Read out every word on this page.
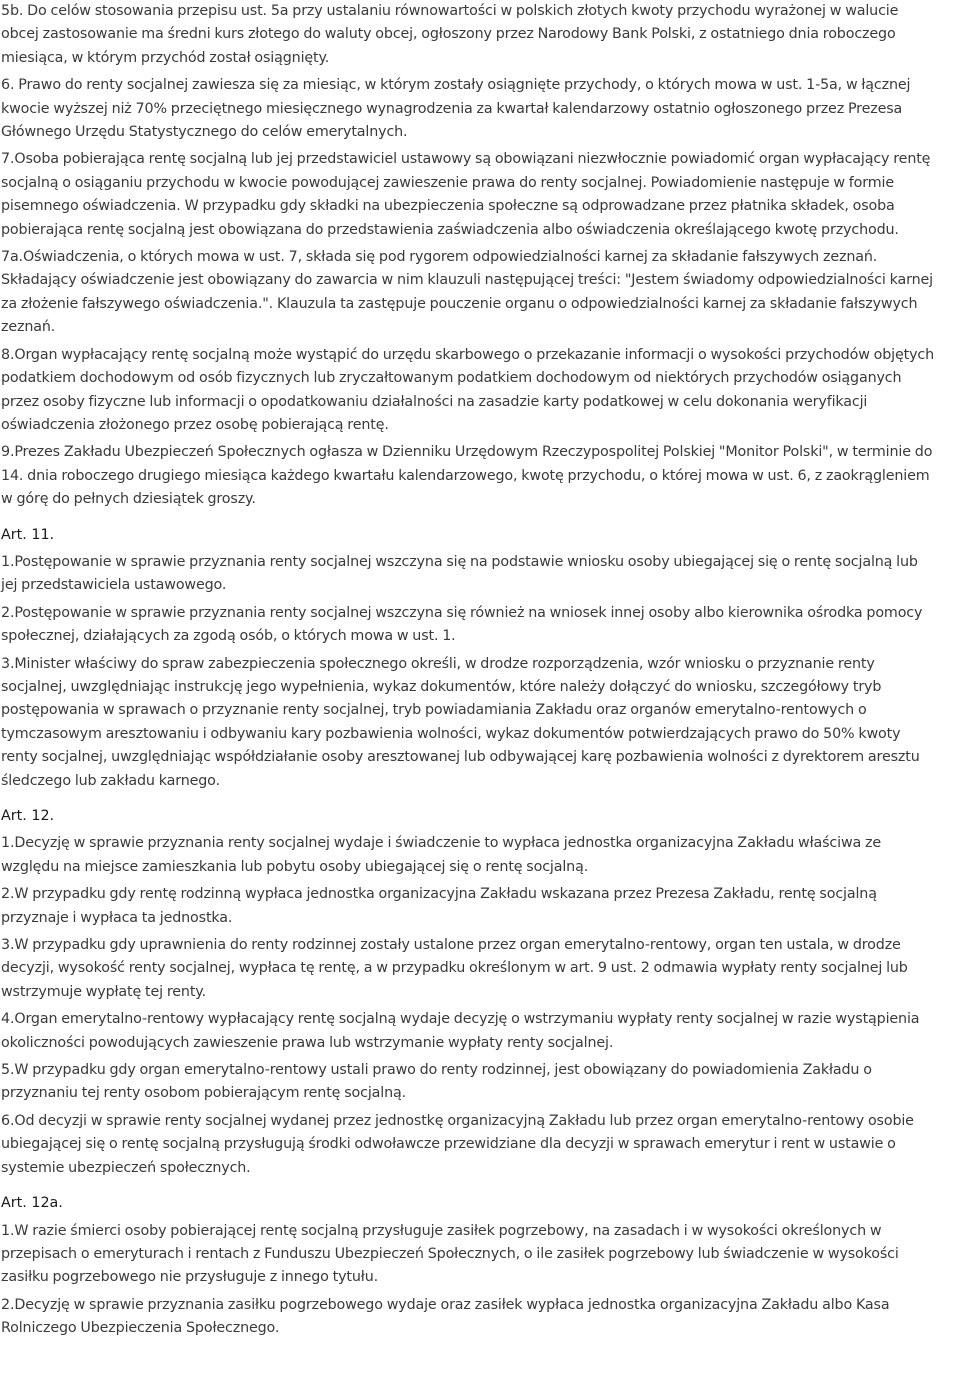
5b. Do celów stosowania przepisu ust. 5a przy ustalaniu równowartości w polskich złotych kwoty przychodu wyrażonej w walucie obcej zastosowanie ma średni kurs złotego do waluty obcej, ogłoszony przez Narodowy Bank Polski, z ostatniego dnia roboczego miesiąca, w którym przychód został osiągnięty.

6. Prawo do renty socjalnej zawiesza się za miesiąc, w którym zostały osiągnięte przychody, o których mowa w ust. 1-5a, w łącznej kwocie wyższej niż 70% przeciętnego miesięcznego wynagrodzenia za kwartał kalendarzowy ostatnio ogłoszonego przez Prezesa Głównego Urzędu Statystycznego do celów emerytalnych.

7.Osoba pobierająca rentę socjalną lub jej przedstawiciel ustawowy są obowiązani niezwłocznie powiadomić organ wypłacający rentę socjalną o osiąganiu przychodu w kwocie powodującej zawieszenie prawa do renty socjalnej. Powiadomienie następuje w formie pisemnego oświadczenia. W przypadku gdy składki na ubezpieczenia społeczne są odprowadzane przez płatnika składek, osoba pobierająca rentę socjalną jest obowiązana do przedstawienia zaświadczenia albo oświadczenia określającego kwotę przychodu.

7a.Oświadczenia, o których mowa w ust. 7, składa się pod rygorem odpowiedzialności karnej za składanie fałszywych zeznań. Składający oświadczenie jest obowiązany do zawarcia w nim klauzuli następującej treści: "Jestem świadomy odpowiedzialności karnej za złożenie fałszywego oświadczenia.". Klauzula ta zastępuje pouczenie organu o odpowiedzialności karnej za składanie fałszywych zeznań.

8.Organ wypłacający rentę socjalną może wystąpić do urzędu skarbowego o przekazanie informacji o wysokości przychodów objętych podatkiem dochodowym od osób fizycznych lub zryczałtowanym podatkiem dochodowym od niektórych przychodów osiąganych przez osoby fizyczne lub informacji o opodatkowaniu działalności na zasadzie karty podatkowej w celu dokonania weryfikacji oświadczenia złożonego przez osobę pobierającą rentę.

9.Prezes Zakładu Ubezpieczeń Społecznych ogłasza w Dzienniku Urzędowym Rzeczypospolitej Polskiej "Monitor Polski", w terminie do 14. dnia roboczego drugiego miesiąca każdego kwartału kalendarzowego, kwotę przychodu, o której mowa w ust. 6, z zaokrągleniem w górę do pełnych dziesiątek groszy.

Art. 11.

1.Postępowanie w sprawie przyznania renty socjalnej wszczyna się na podstawie wniosku osoby ubiegającej się o rentę socjalną lub jej przedstawiciela ustawowego.

2.Postępowanie w sprawie przyznania renty socjalnej wszczyna się również na wniosek innej osoby albo kierownika ośrodka pomocy społecznej, działających za zgodą osób, o których mowa w ust. 1.

3.Minister właściwy do spraw zabezpieczenia społecznego określi, w drodze rozporządzenia, wzór wniosku o przyznanie renty socjalnej, uwzględniając instrukcję jego wypełnienia, wykaz dokumentów, które należy dołączyć do wniosku, szczegółowy tryb postępowania w sprawach o przyznanie renty socjalnej, tryb powiadamiania Zakładu oraz organów emerytalno-rentowych o tymczasowym aresztowaniu i odbywaniu kary pozbawienia wolności, wykaz dokumentów potwierdzających prawo do 50% kwoty renty socjalnej, uwzględniając współdziałanie osoby aresztowanej lub odbywającej karę pozbawienia wolności z dyrektorem aresztu śledczego lub zakładu karnego.

Art. 12.

1.Decyzję w sprawie przyznania renty socjalnej wydaje i świadczenie to wypłaca jednostka organizacyjna Zakładu właściwa ze względu na miejsce zamieszkania lub pobytu osoby ubiegającej się o rentę socjalną.

2.W przypadku gdy rentę rodzinną wypłaca jednostka organizacyjna Zakładu wskazana przez Prezesa Zakładu, rentę socjalną przyznaje i wypłaca ta jednostka.

3.W przypadku gdy uprawnienia do renty rodzinnej zostały ustalone przez organ emerytalno-rentowy, organ ten ustala, w drodze decyzji, wysokość renty socjalnej, wypłaca tę rentę, a w przypadku określonym w art. 9 ust. 2 odmawia wypłaty renty socjalnej lub wstrzymuje wypłatę tej renty.

4.Organ emerytalno-rentowy wypłacający rentę socjalną wydaje decyzję o wstrzymaniu wypłaty renty socjalnej w razie wystąpienia okoliczności powodujących zawieszenie prawa lub wstrzymanie wypłaty renty socjalnej.

5.W przypadku gdy organ emerytalno-rentowy ustali prawo do renty rodzinnej, jest obowiązany do powiadomienia Zakładu o przyznaniu tej renty osobom pobierającym rentę socjalną.

6.Od decyzji w sprawie renty socjalnej wydanej przez jednostkę organizacyjną Zakładu lub przez organ emerytalno-rentowy osobie ubiegającej się o rentę socjalną przysługują środki odwoławcze przewidziane dla decyzji w sprawach emerytur i rent w ustawie o systemie ubezpieczeń społecznych.

Art. 12a.

1.W razie śmierci osoby pobierającej rentę socjalną przysługuje zasiłek pogrzebowy, na zasadach i w wysokości określonych w przepisach o emeryturach i rentach z Funduszu Ubezpieczeń Społecznych, o ile zasiłek pogrzebowy lub świadczenie w wysokości zasiłku pogrzebowego nie przysługuje z innego tytułu.

2.Decyzję w sprawie przyznania zasiłku pogrzebowego wydaje oraz zasiłek wypłaca jednostka organizacyjna Zakładu albo Kasa Rolniczego Ubezpieczenia Społecznego.
